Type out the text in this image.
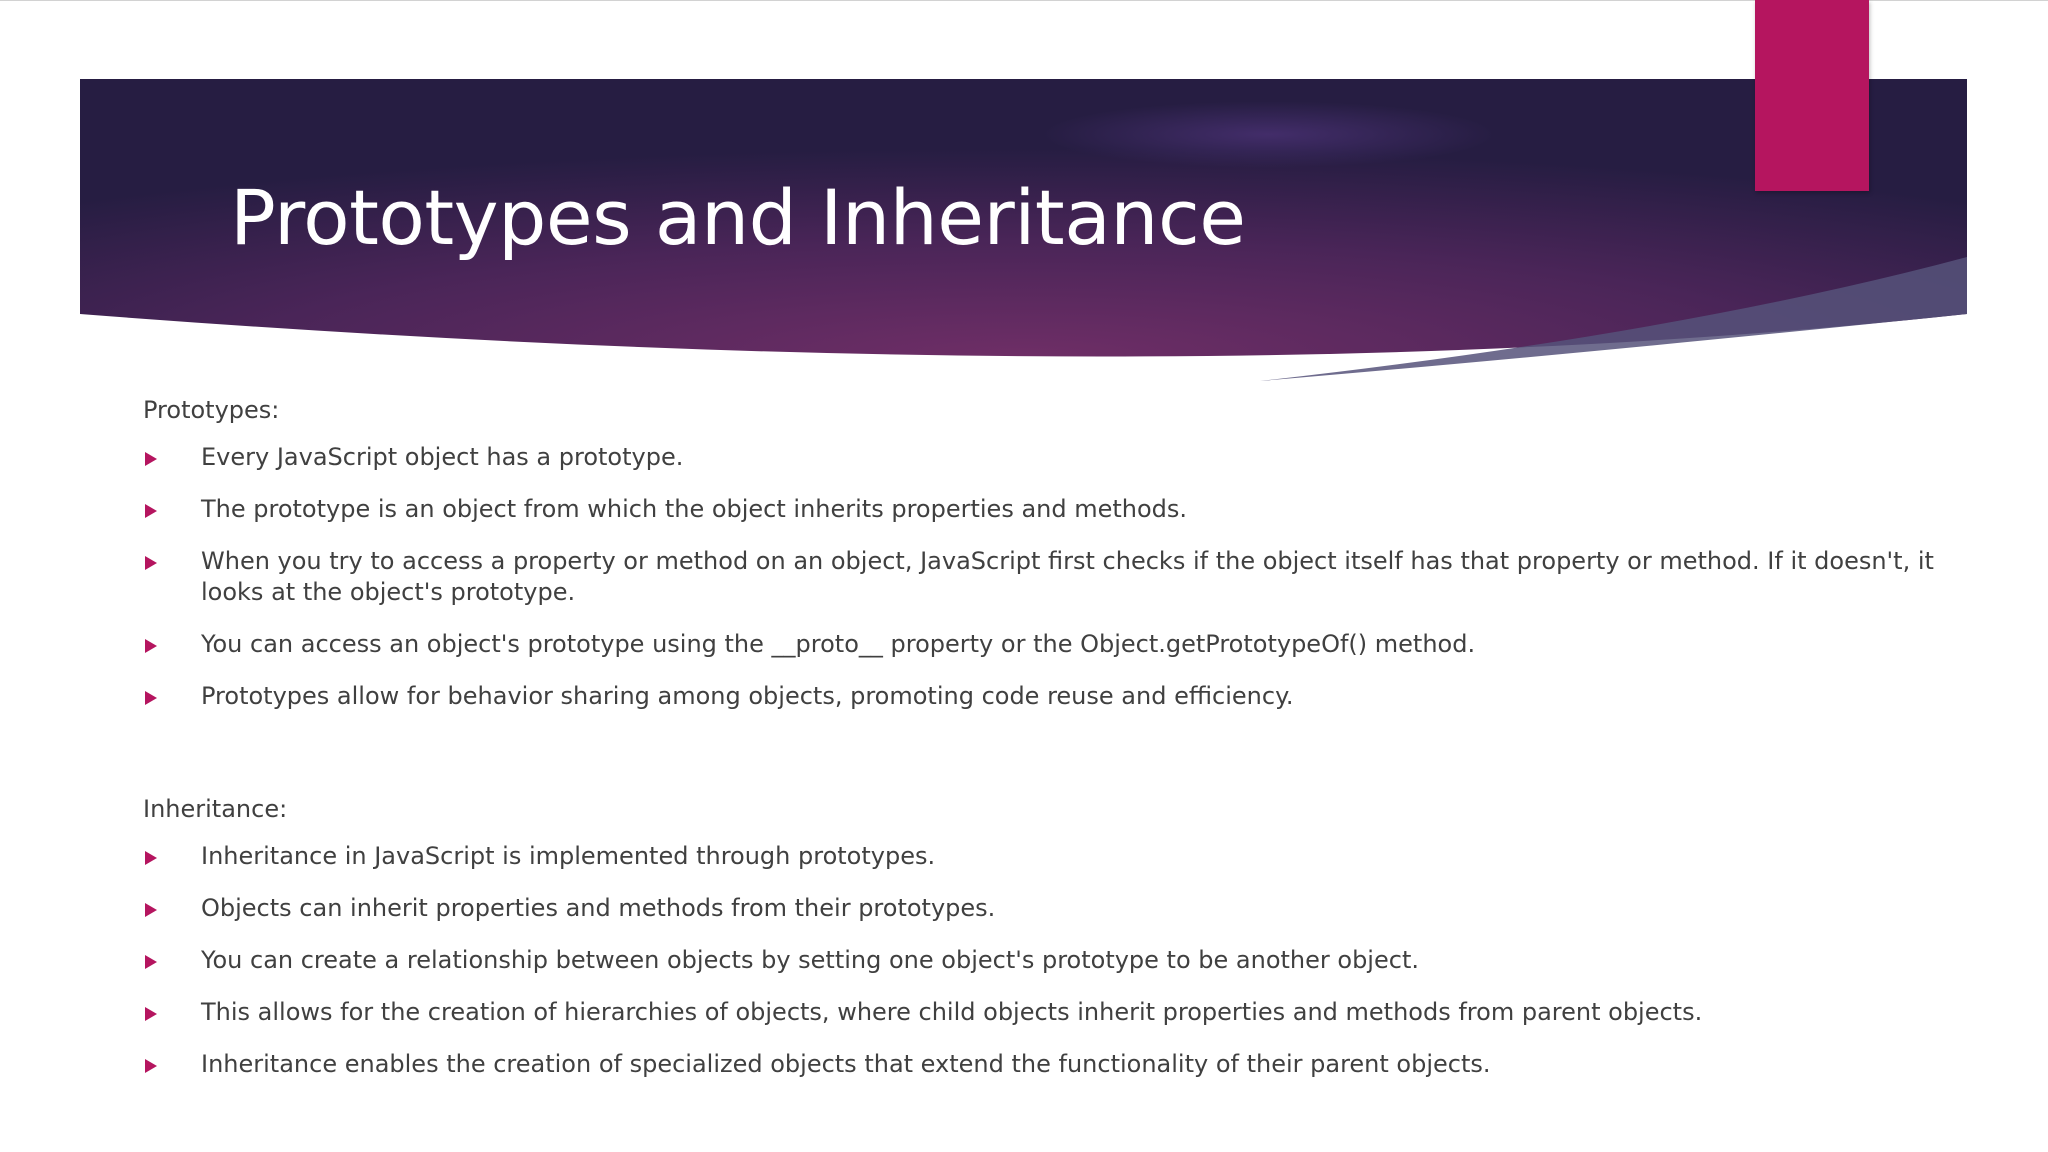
Prototypes and Inheritance
Prototypes:
Every JavaScript object has a prototype.
The prototype is an object from which the object inherits properties and methods.
When you try to access a property or method on an object, JavaScript first checks if the object itself has that property or method. If it doesn't, it looks at the object's prototype.
You can access an object's prototype using the __proto__ property or the Object.getPrototypeOf() method.
Prototypes allow for behavior sharing among objects, promoting code reuse and efficiency.
Inheritance:
Inheritance in JavaScript is implemented through prototypes.
Objects can inherit properties and methods from their prototypes.
You can create a relationship between objects by setting one object's prototype to be another object.
This allows for the creation of hierarchies of objects, where child objects inherit properties and methods from parent objects.
Inheritance enables the creation of specialized objects that extend the functionality of their parent objects.
